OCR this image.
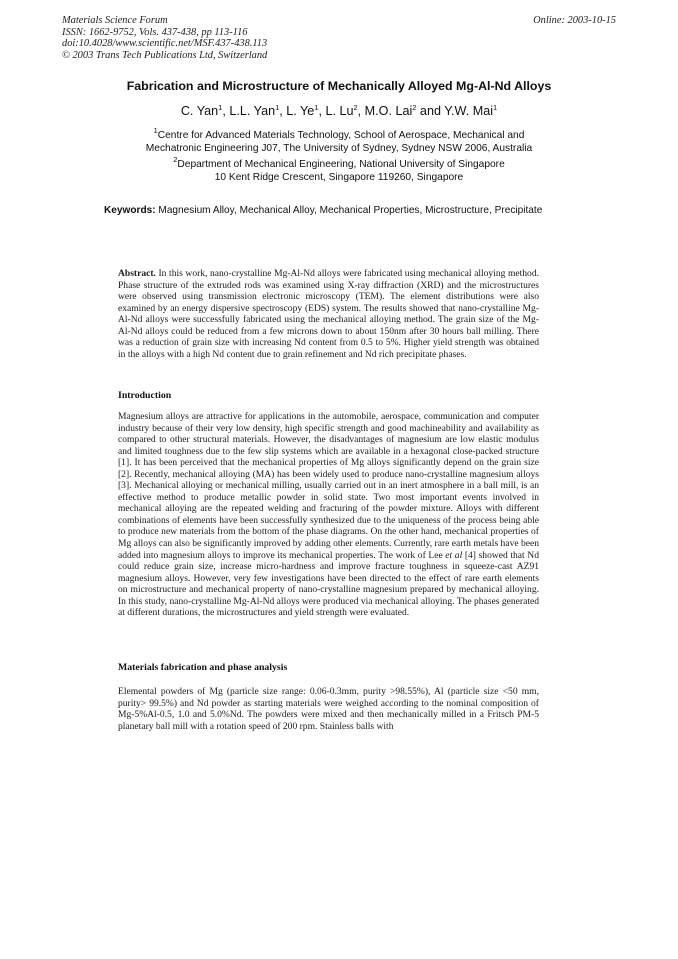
Materials Science Forum
ISSN: 1662-9752, Vols. 437-438, pp 113-116
doi:10.4028/www.scientific.net/MSF.437-438.113
© 2003 Trans Tech Publications Ltd, Switzerland
Online: 2003-10-15
Fabrication and Microstructure of Mechanically Alloyed Mg-Al-Nd Alloys
C. Yan$^1$, L.L. Yan$^1$, L. Ye$^1$, L. Lu$^2$, M.O. Lai$^2$ and Y.W. Mai$^1$
$^1$Centre for Advanced Materials Technology, School of Aerospace, Mechanical and
Mechatronic Engineering J07, The University of Sydney, Sydney NSW 2006, Australia
$^2$Department of Mechanical Engineering, National University of Singapore
10 Kent Ridge Crescent, Singapore 119260, Singapore
Keywords: Magnesium Alloy, Mechanical Alloy, Mechanical Properties, Microstructure, Precipitate
Abstract. In this work, nano-crystalline Mg-Al-Nd alloys were fabricated using mechanical alloying method. Phase structure of the extruded rods was examined using X-ray diffraction (XRD) and the microstructures were observed using transmission electronic microscopy (TEM). The element distributions were also examined by an energy dispersive spectroscopy (EDS) system. The results showed that nano-crystalline Mg-Al-Nd alloys were successfully fabricated using the mechanical alloying method. The grain size of the Mg-Al-Nd alloys could be reduced from a few microns down to about 150nm after 30 hours ball milling. There was a reduction of grain size with increasing Nd content from 0.5 to 5%. Higher yield strength was obtained in the alloys with a high Nd content due to grain refinement and Nd rich precipitate phases.
Introduction
Magnesium alloys are attractive for applications in the automobile, aerospace, communication and computer industry because of their very low density, high specific strength and good machineability and availability as compared to other structural materials. However, the disadvantages of magnesium are low elastic modulus and limited toughness due to the few slip systems which are available in a hexagonal close-packed structure [1]. It has been perceived that the mechanical properties of Mg alloys significantly depend on the grain size [2]. Recently, mechanical alloying (MA) has been widely used to produce nano-crystalline magnesium alloys [3]. Mechanical alloying or mechanical milling, usually carried out in an inert atmosphere in a ball mill, is an effective method to produce metallic powder in solid state. Two most important events involved in mechanical alloying are the repeated welding and fracturing of the powder mixture. Alloys with different combinations of elements have been successfully synthesized due to the uniqueness of the process being able to produce new materials from the bottom of the phase diagrams. On the other hand, mechanical properties of Mg alloys can also be significantly improved by adding other elements. Currently, rare earth metals have been added into magnesium alloys to improve its mechanical properties. The work of Lee et al [4] showed that Nd could reduce grain size, increase micro-hardness and improve fracture toughness in squeeze-cast AZ91 magnesium alloys. However, very few investigations have been directed to the effect of rare earth elements on microstructure and mechanical property of nano-crystalline magnesium prepared by mechanical alloying. In this study, nano-crystalline Mg-Al-Nd alloys were produced via mechanical alloying. The phases generated at different durations, the microstructures and yield strength were evaluated.
Materials fabrication and phase analysis
Elemental powders of Mg (particle size range: 0.06-0.3mm, purity >98.55%), Al (particle size <50 mm, purity> 99.5%) and Nd powder as starting materials were weighed according to the nominal composition of Mg-5%Al-0.5, 1.0 and 5.0%Nd. The powders were mixed and then mechanically milled in a Fritsch PM-5 planetary ball mill with a rotation speed of 200 rpm. Stainless balls with
